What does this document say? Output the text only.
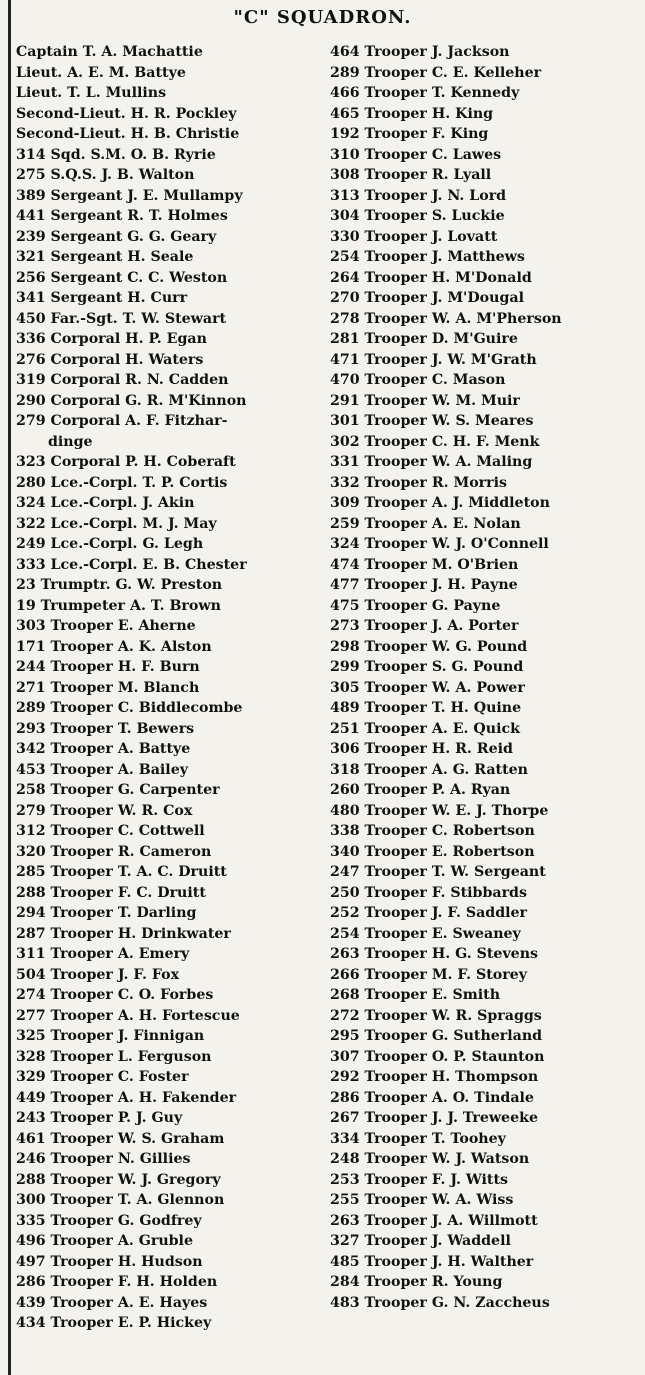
"C" SQUADRON.
Captain T. A. Machattie
Lieut. A. E. M. Battye
Lieut. T. L. Mullins
Second-Lieut. H. R. Pockley
Second-Lieut. H. B. Christie
314 Sqd. S.M. O. B. Ryrie
275 S.Q.S. J. B. Walton
389 Sergeant J. E. Mullampy
441 Sergeant R. T. Holmes
239 Sergeant G. G. Geary
321 Sergeant H. Seale
256 Sergeant C. C. Weston
341 Sergeant H. Curr
450 Far.-Sgt. T. W. Stewart
336 Corporal H. P. Egan
276 Corporal H. Waters
319 Corporal R. N. Cadden
290 Corporal G. R. M'Kinnon
279 Corporal A. F. Fitzhar-
dinge
323 Corporal P. H. Coberaft
280 Lce.-Corpl. T. P. Cortis
324 Lce.-Corpl. J. Akin
322 Lce.-Corpl. M. J. May
249 Lce.-Corpl. G. Legh
333 Lce.-Corpl. E. B. Chester
23 Trumptr. G. W. Preston
19 Trumpeter A. T. Brown
303 Trooper E. Aherne
171 Trooper A. K. Alston
244 Trooper H. F. Burn
271 Trooper M. Blanch
289 Trooper C. Biddlecombe
293 Trooper T. Bewers
342 Trooper A. Battye
453 Trooper A. Bailey
258 Trooper G. Carpenter
279 Trooper W. R. Cox
312 Trooper C. Cottwell
320 Trooper R. Cameron
285 Trooper T. A. C. Druitt
288 Trooper F. C. Druitt
294 Trooper T. Darling
287 Trooper H. Drinkwater
311 Trooper A. Emery
504 Trooper J. F. Fox
274 Trooper C. O. Forbes
277 Trooper A. H. Fortescue
325 Trooper J. Finnigan
328 Trooper L. Ferguson
329 Trooper C. Foster
449 Trooper A. H. Fakender
243 Trooper P. J. Guy
461 Trooper W. S. Graham
246 Trooper N. Gillies
288 Trooper W. J. Gregory
300 Trooper T. A. Glennon
335 Trooper G. Godfrey
496 Trooper A. Gruble
497 Trooper H. Hudson
286 Trooper F. H. Holden
439 Trooper A. E. Hayes
434 Trooper E. P. Hickey
464 Trooper J. Jackson
289 Trooper C. E. Kelleher
466 Trooper T. Kennedy
465 Trooper H. King
192 Trooper F. King
310 Trooper C. Lawes
308 Trooper R. Lyall
313 Trooper J. N. Lord
304 Trooper S. Luckie
330 Trooper J. Lovatt
254 Trooper J. Matthews
264 Trooper H. M'Donald
270 Trooper J. M'Dougal
278 Trooper W. A. M'Pherson
281 Trooper D. M'Guire
471 Trooper J. W. M'Grath
470 Trooper C. Mason
291 Trooper W. M. Muir
301 Trooper W. S. Meares
302 Trooper C. H. F. Menk
331 Trooper W. A. Maling
332 Trooper R. Morris
309 Trooper A. J. Middleton
259 Trooper A. E. Nolan
324 Trooper W. J. O'Connell
474 Trooper M. O'Brien
477 Trooper J. H. Payne
475 Trooper G. Payne
273 Trooper J. A. Porter
298 Trooper W. G. Pound
299 Trooper S. G. Pound
305 Trooper W. A. Power
489 Trooper T. H. Quine
251 Trooper A. E. Quick
306 Trooper H. R. Reid
318 Trooper A. G. Ratten
260 Trooper P. A. Ryan
480 Trooper W. E. J. Thorpe
338 Trooper C. Robertson
340 Trooper E. Robertson
247 Trooper T. W. Sergeant
250 Trooper F. Stibbards
252 Trooper J. F. Saddler
254 Trooper E. Sweaney
263 Trooper H. G. Stevens
266 Trooper M. F. Storey
268 Trooper E. Smith
272 Trooper W. R. Spraggs
295 Trooper G. Sutherland
307 Trooper O. P. Staunton
292 Trooper H. Thompson
286 Trooper A. O. Tindale
267 Trooper J. J. Treweeke
334 Trooper T. Toohey
248 Trooper W. J. Watson
253 Trooper F. J. Witts
255 Trooper W. A. Wiss
263 Trooper J. A. Willmott
327 Trooper J. Waddell
485 Trooper J. H. Walther
284 Trooper R. Young
483 Trooper G. N. Zaccheus
